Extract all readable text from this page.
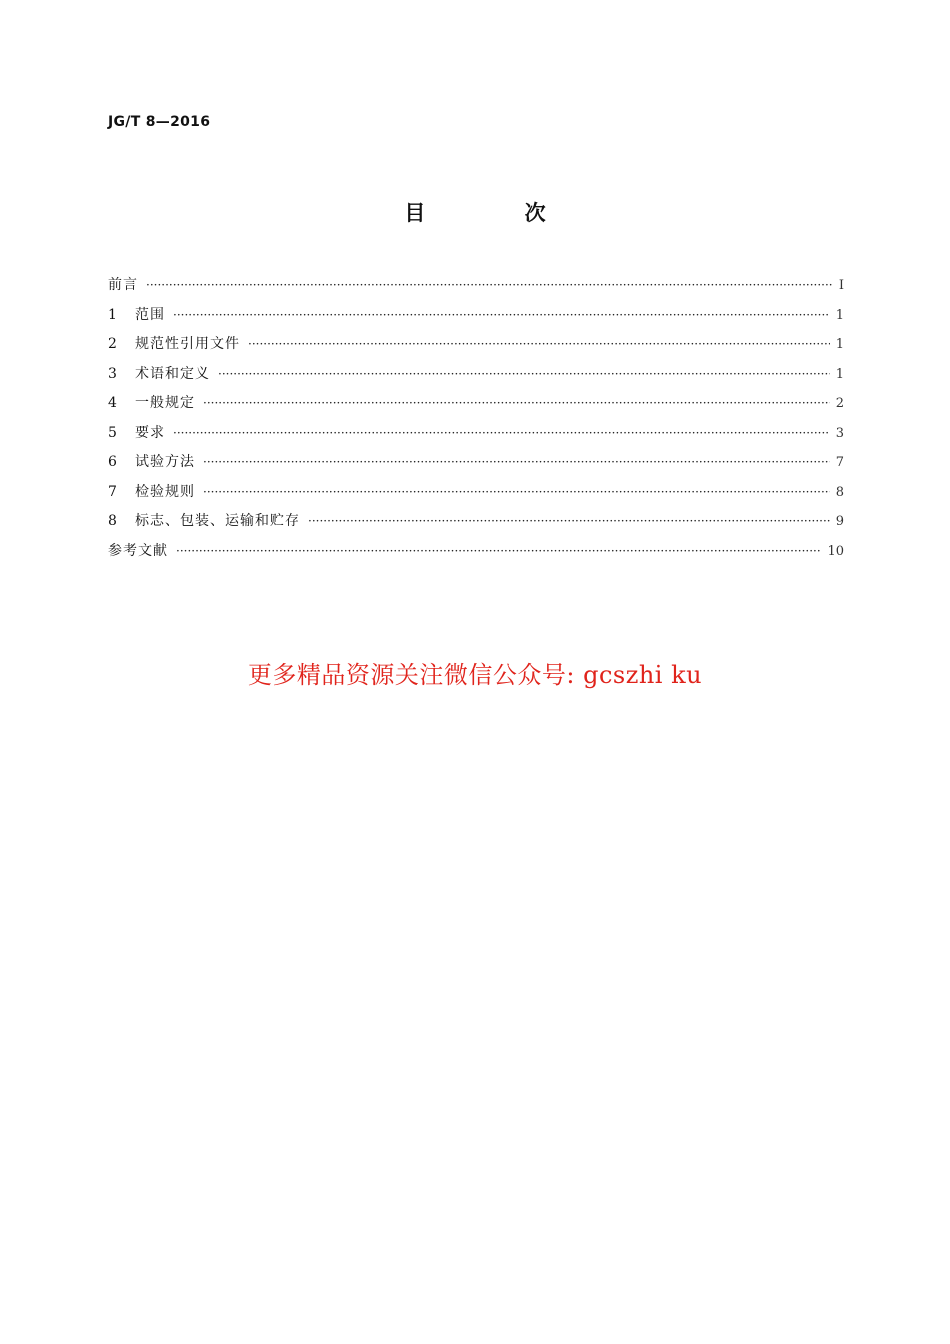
JG/T 8—2016
目 次
前言 ·····	Ⅰ
1	范围 ·····	1
2	规范性引用文件 ·····	1
3	术语和定义 ·····	1
4	一般规定 ·····	2
5	要求 ·····	3
6	试验方法 ·····	7
7	检验规则 ·····	8
8	标志、包装、运输和贮存 ·····	9
参考文献 ·····	10
更多精品资源关注微信公众号: gcszhi ku
